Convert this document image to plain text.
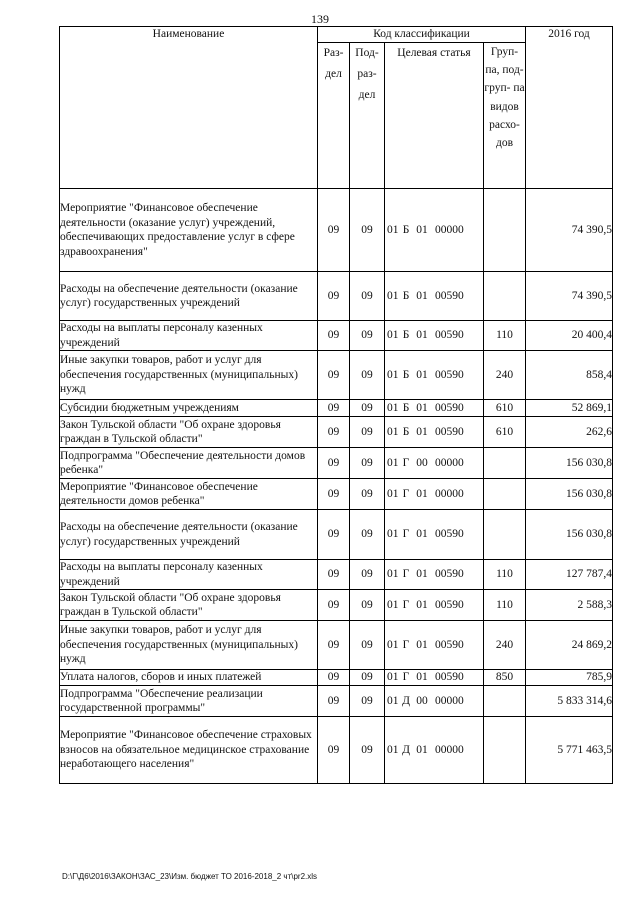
139
Наименование	Код классификации				2016 год
	Раз- дел	Под- раз- дел	Целевая статья	Груп- па, под- груп- па видов расхо- дов	
Мероприятие "Финансовое обеспечение деятельности (оказание услуг) учреждений, обеспечивающих предоставление услуг в сфере здравоохранения"	09	09	01 Б 01 00000		74 390,5
Расходы на обеспечение деятельности (оказание услуг) государственных учреждений	09	09	01 Б 01 00590		74 390,5
Расходы на выплаты персоналу казенных учреждений	09	09	01 Б 01 00590	110	20 400,4
Иные закупки товаров, работ и услуг для обеспечения государственных (муниципальных) нужд	09	09	01 Б 01 00590	240	858,4
Субсидии бюджетным учреждениям	09	09	01 Б 01 00590	610	52 869,1
Закон Тульской области "Об охране здоровья граждан в Тульской области"	09	09	01 Б 01 00590	610	262,6
Подпрограмма "Обеспечение деятельности домов ребенка"	09	09	01 Г 00 00000		156 030,8
Мероприятие "Финансовое обеспечение деятельности домов ребенка"	09	09	01 Г 01 00000		156 030,8
Расходы на обеспечение деятельности (оказание услуг) государственных учреждений	09	09	01 Г 01 00590		156 030,8
Расходы на выплаты персоналу казенных учреждений	09	09	01 Г 01 00590	110	127 787,4
Закон Тульской области "Об охране здоровья граждан в Тульской области"	09	09	01 Г 01 00590	110	2 588,3
Иные закупки товаров, работ и услуг для обеспечения государственных (муниципальных) нужд	09	09	01 Г 01 00590	240	24 869,2
Уплата налогов, сборов и иных платежей	09	09	01 Г 01 00590	850	785,9
Подпрограмма "Обеспечение реализации государственной программы"	09	09	01 Д 00 00000		5 833 314,6
Мероприятие "Финансовое обеспечение страховых взносов на обязательное медицинское страхование неработающего населения"	09	09	01 Д 01 00000		5 771 463,5
D:\Г\Д6\2016\ЗАКОН\ЗАС_23\Изм. бюджет ТО 2016-2018_2 чт\pr2.xls
